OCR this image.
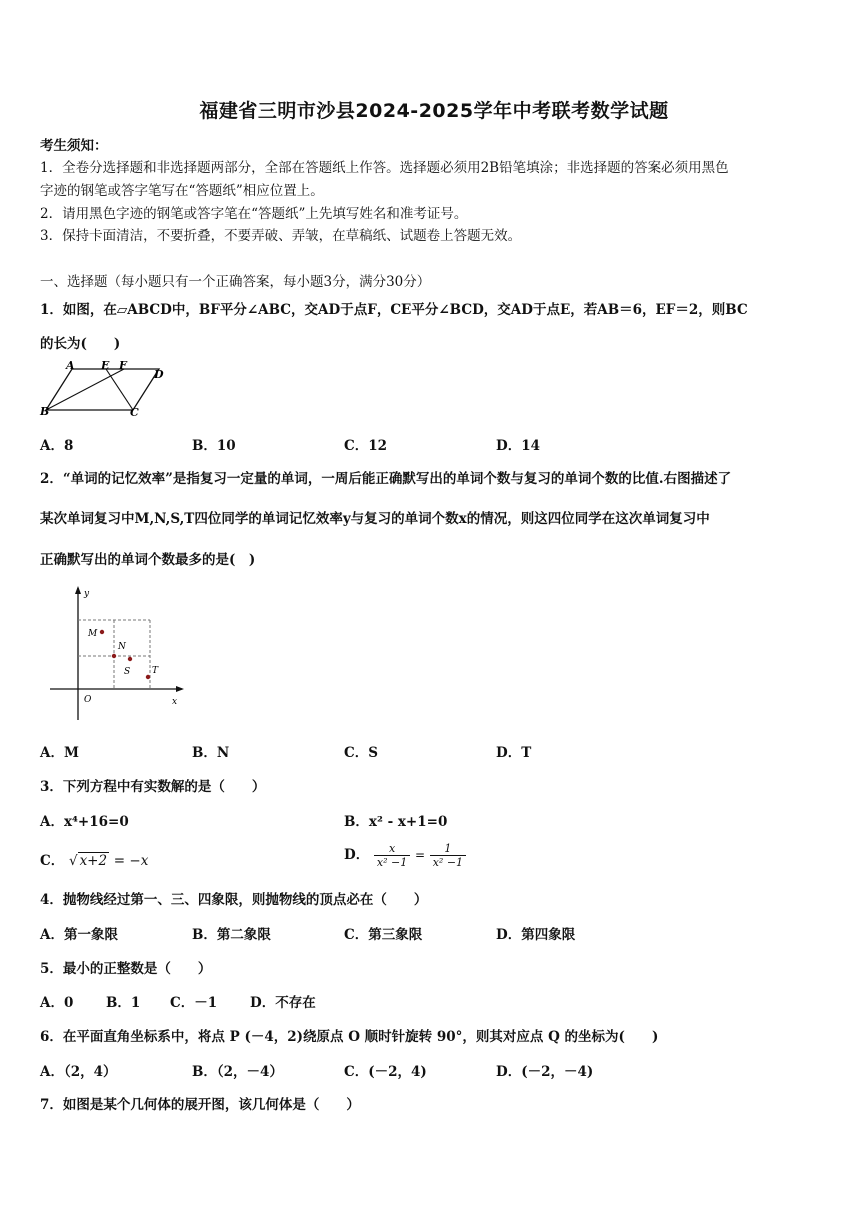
福建省三明市沙县2024-2025学年中考联考数学试题
考生须知：
1．全卷分选择题和非选择题两部分，全部在答题纸上作答。选择题必须用2B铅笔填涂；非选择题的答案必须用黑色
字迹的钢笔或答字笔写在“答题纸”相应位置上。
2．请用黑色字迹的钢笔或答字笔在“答题纸”上先填写姓名和准考证号。
3．保持卡面清洁，不要折叠，不要弄破、弄皱，在草稿纸、试题卷上答题无效。
一、选择题（每小题只有一个正确答案，每小题3分，满分30分）
1．如图，在▱ABCD中，BF平分∠ABC，交AD于点F，CE平分∠BCD，交AD于点E，若AB＝6，EF＝2，则BC
的长为(　　)
A E F
D
B	C
A．8	B．10	C．12	D．14
2．“单词的记忆效率”是指复习一定量的单词，一周后能正确默写出的单词个数与复习的单词个数的比值.右图描述了
某次单词复习中M,N,S,T四位同学的单词记忆效率y与复习的单词个数x的情况，则这四位同学在这次单词复习中
正确默写出的单词个数最多的是(　)
y
M
N
S T
O	x
A．M	B．N	C．S	D．T
3．下列方程中有实数解的是（　　）
A．x⁴+16=0	B．x² - x+1=0
C． √ x+2 = −x	D． $\frac{x}{\text{x² −1}} = \frac{1}{\text{x² −1}}$
4．抛物线经过第一、三、四象限，则抛物线的顶点必在（　　）
A．第一象限	B．第二象限	C．第三象限	D．第四象限
5．最小的正整数是（　　）
A．0 B．1 C．－1 D．不存在
6．在平面直角坐标系中，将点 P (－4，2)绕原点 O 顺时针旋转 90°，则其对应点 Q 的坐标为(　　)
A．（2，4）	B．（2，－4）	C．(－2，4)	D．(－2，－4)
7．如图是某个几何体的展开图，该几何体是（　　）
